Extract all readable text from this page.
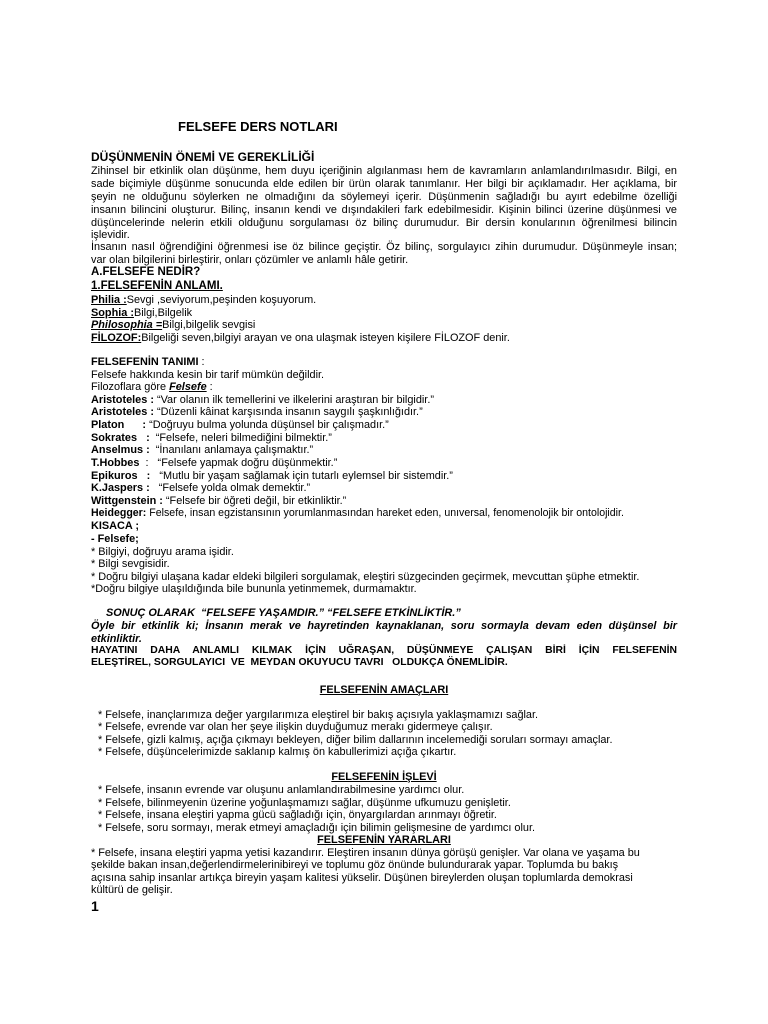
FELSEFE DERS NOTLARI
DÜŞÜNMENİN ÖNEMİ VE GEREKLİLİĞİ
Zihinsel bir etkinlik olan düşünme, hem duyu içeriğinin algılanması hem de kavramların anlamlandırılmasıdır. Bilgi, en
sade biçimiyle düşünme sonucunda elde edilen bir ürün olarak tanımlanır. Her bilgi bir açıklamadır. Her açıklama, bir
şeyin ne olduğunu söylerken ne olmadığını da söylemeyi içerir. Düşünmenin sağladığı bu ayırt edebilme özelliği
insanın bilincini oluşturur. Bilinç, insanın kendi ve dışındakileri fark edebilmesidir. Kişinin bilinci üzerine düşünmesi ve
düşüncelerinde nelerin etkili olduğunu sorgulaması öz bilinç durumudur. Bir dersin konularının öğrenilmesi bilincin
işlevidir.
İnsanın nasıl öğrendiğini öğrenmesi ise öz bilince geçiştir. Öz bilinç, sorgulayıcı zihin durumudur. Düşünmeyle insan;
var olan bilgilerini birleştirir, onları çözümler ve anlamlı hâle getirir.
A.FELSEFE NEDİR?
1.FELSEFENİN ANLAMI.
Philia :Sevgi ,seviyorum,peşinden koşuyorum.
Sophia :Bilgi,Bilgelik
Philosophia =Bilgi,bilgelik sevgisi
FİLOZOF:Bilgeliği seven,bilgiyi arayan ve ona ulaşmak isteyen kişilere FİLOZOF denir.
FELSEFENİN TANIMI :
Felsefe hakkında kesin bir tarif mümkün değildir.
Filozoflara göre Felsefe :
Aristoteles : “Var olanın ilk temellerini ve ilkelerini araştıran bir bilgidir.”
Aristoteles : “Düzenli kâinat karşısında insanın saygılı şaşkınlığıdır.”
Platon      : “Doğruyu bulma yolunda düşünsel bir çalışmadır.”
Sokrates   :  “Felsefe, neleri bilmediğini bilmektir.”
Anselmus :  “İnanılanı anlamaya çalışmaktır.”
T.Hobbes  :   “Felsefe yapmak doğru düşünmektir.”
Epikuros   :   “Mutlu bir yaşam sağlamak için tutarlı eylemsel bir sistemdir.”
K.Jaspers :   “Felsefe yolda olmak demektir.”
Wittgenstein : “Felsefe bir öğreti değil, bir etkinliktir.”
Heidegger: Felsefe, insan egzistansının yorumlanmasından hareket eden, unıversal, fenomenolojik bir ontolojidir.
KISACA ;
- Felsefe;
* Bilgiyi, doğruyu arama işidir.
* Bilgi sevgisidir.
* Doğru bilgiyi ulaşana kadar eldeki bilgileri sorgulamak, eleştiri süzgecinden geçirmek, mevcuttan şüphe etmektir.
*Doğru bilgiye ulaşıldığında bile bununla yetinmemek, durmamaktır.
SONUÇ OLARAK  “FELSEFE YAŞAMDIR.” “FELSEFE ETKİNLİKTİR.”
Öyle bir etkinlik ki; İnsanın merak ve hayretinden kaynaklanan, soru sormayla devam eden düşünsel bir
etkinliktir.
HAYATINI DAHA ANLAMLI KILMAK İÇİN UĞRAŞAN, DÜŞÜNMEYE ÇALIŞAN BİRİ İÇİN FELSEFENİN
ELEŞTİREL, SORGULAYICI  VE  MEYDAN OKUYUCU TAVRI   OLDUKÇA ÖNEMLİDİR.
FELSEFENİN AMAÇLARI
* Felsefe, inançlarımıza değer yargılarımıza eleştirel bir bakış açısıyla yaklaşmamızı sağlar.
* Felsefe, evrende var olan her şeye ilişkin duyduğumuz merakı gidermeye çalışır.
* Felsefe, gizli kalmış, açığa çıkmayı bekleyen, diğer bilim dallarının incelemediği soruları sormayı amaçlar.
* Felsefe, düşüncelerimizde saklanıp kalmış ön kabullerimizi açığa çıkartır.
FELSEFENİN İŞLEVİ
* Felsefe, insanın evrende var oluşunu anlamlandırabilmesine yardımcı olur.
* Felsefe, bilinmeyenin üzerine yoğunlaşmamızı sağlar, düşünme ufkumuzu genişletir.
* Felsefe, insana eleştiri yapma gücü sağladığı için, önyargılardan arınmayı öğretir.
* Felsefe, soru sormayı, merak etmeyi amaçladığı için bilimin gelişmesine de yardımcı olur.
FELSEFENİN YARARLARI
* Felsefe, insana eleştiri yapma yetisi kazandırır. Eleştiren insanın dünya görüşü genişler. Var olana ve yaşama bu
şekilde bakan insan,değerlendirmelerinibireyi ve toplumu göz önünde bulundurarak yapar. Toplumda bu bakış
açısına sahip insanlar artıkça bireyin yaşam kalitesi yükselir. Düşünen bireylerden oluşan toplumlarda demokrasi
kültürü de gelişir.
1
